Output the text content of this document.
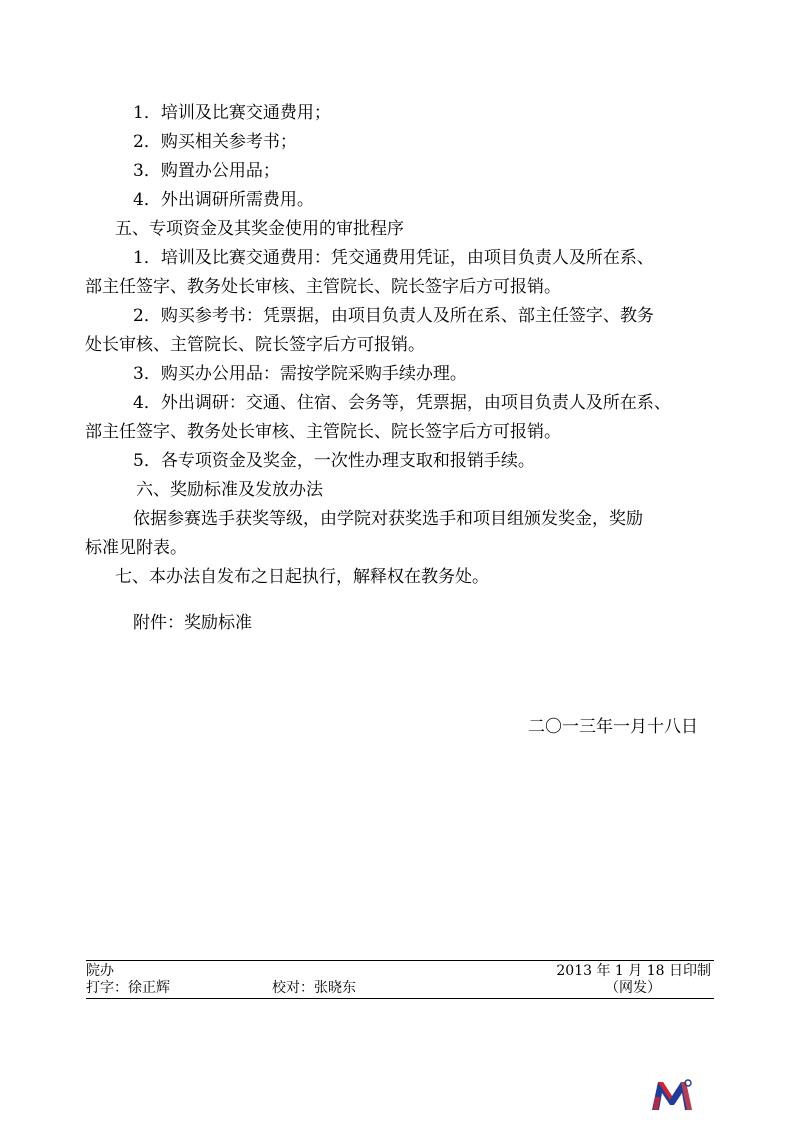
1．培训及比赛交通费用；
2．购买相关参考书；
3．购置办公用品；
4．外出调研所需费用。
五、专项资金及其奖金使用的审批程序
1．培训及比赛交通费用：凭交通费用凭证，由项目负责人及所在系、
部主任签字、教务处长审核、主管院长、院长签字后方可报销。
2．购买参考书：凭票据，由项目负责人及所在系、部主任签字、教务
处长审核、主管院长、院长签字后方可报销。
3．购买办公用品：需按学院采购手续办理。
4．外出调研：交通、住宿、会务等，凭票据，由项目负责人及所在系、
部主任签字、教务处长审核、主管院长、院长签字后方可报销。
5．各专项资金及奖金，一次性办理支取和报销手续。
六、奖励标准及发放办法
依据参赛选手获奖等级，由学院对获奖选手和项目组颁发奖金，奖励
标准见附表。
七、本办法自发布之日起执行，解释权在教务处。
附件：奖励标准
二〇一三年一月十八日
院办	2013 年 1 月 18 日印制
打字：徐正辉	校对：张晓东	（网发）
